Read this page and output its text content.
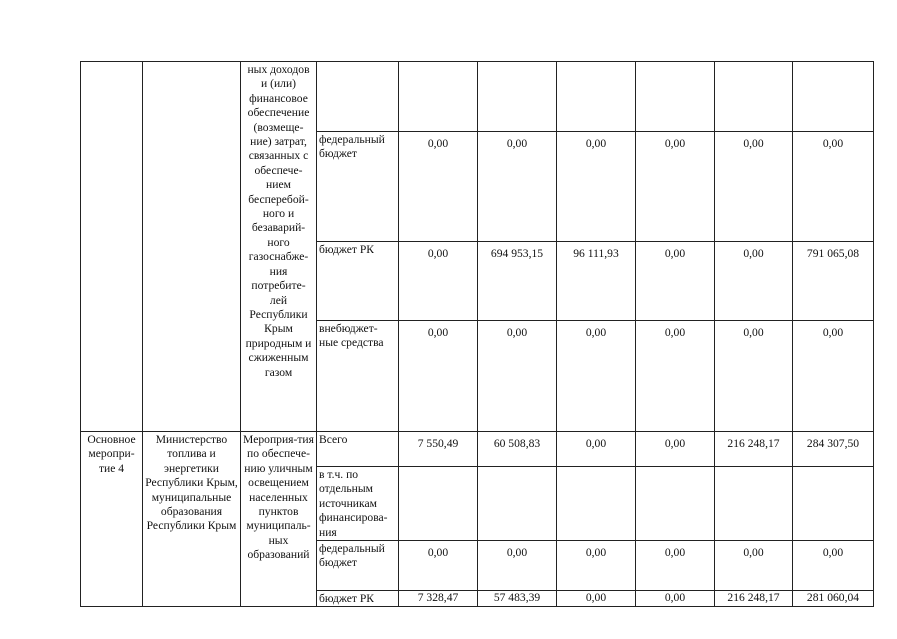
		ных доходов и (или) финансовое обеспечение (возмеще-ние) затрат, связанных с обеспече-нием бесперебой-ного и безаварий-ного газоснабже-ния потребите-лей Республики Крым природным и сжиженным газом							
			федеральный бюджет	0,00	0,00	0,00	0,00	0,00	0,00
			бюджет РК	0,00	694 953,15	96 111,93	0,00	0,00	791 065,08
			внебюджет-ные средства	0,00	0,00	0,00	0,00	0,00	0,00
Основное меропри-тие 4	Министерство топлива и энергетики Республики Крым, муниципальные образования Республики Крым	Мероприя-тия по обеспече-нию уличным освещением населенных пунктов муниципаль-ных образований	Всего	7 550,49	60 508,83	0,00	0,00	216 248,17	284 307,50
			в т.ч. по отдельным источникам финансирова-ния						
			федеральный бюджет	0,00	0,00	0,00	0,00	0,00	0,00
			бюджет РК	7 328,47	57 483,39	0,00	0,00	216 248,17	281 060,04
